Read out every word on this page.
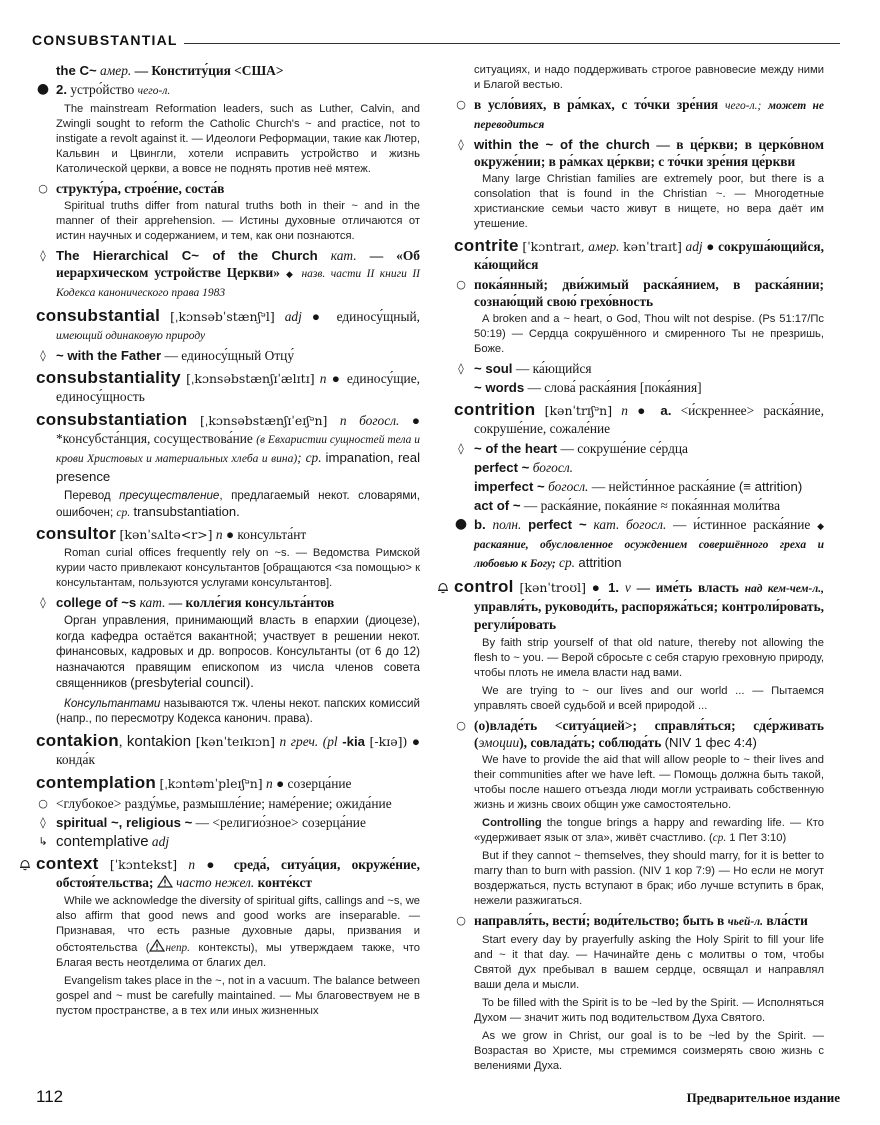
CONSUBSTANTIAL

the C~ амер. — Конститу́ция <США>

● 2. устро́йство чего-л.

The mainstream Reformation leaders, such as Luther, Calvin, and Zwingli sought to reform the Catholic Church's ~ and practice, not to instigate a revolt against it. — Идеологи Реформации, такие как Лютер, Кальвин и Цвингли, хотели исправить устройство и жизнь Католической церкви, а вовсе не поднять против неё мятеж.

○ структу́ра, строе́ние, соста́в

Spiritual truths differ from natural truths both in their ~ and in the manner of their apprehension. — Истины духовные отличаются от истин научных и содержанием, и тем, как они познаются.

◊ The Hierarchical C~ of the Church кат. — «Об иерархическом устройстве Церкви» ◆ назв. части II книги II Кодекса канонического права 1983

consubstantial [ˌkɔnsəbˈstænʃᵊl] adj ● единосу́щный, имеющий одинаковую природу

◊ ~ with the Father — единосу́щный Отцу́

consubstantiality [ˌkɔnsəbstænʃɪˈælɪtɪ] n ● единосу́щие, единосу́щность

consubstantiation [ˌkɔnsəbstænʃɪˈeɪʃᵊn] n богосл. ● *консубста́нция, сосуществова́ние (в Евхаристии сущностей тела и крови Христовых и материальных хлеба и вина); ср. impanation, real presence

Перевод пресуществление, предлагаемый некот. словарями, ошибочен; ср. transubstantiation.

consultor [kənˈsʌltə<r>] n ● консульта́нт

Roman curial offices frequently rely on ~s. — Ведомства Римской курии часто привлекают консультантов [обращаются <за помощью> к консультантам, пользуются услугами консультантов].

◊ college of ~s кат. — колле́гия консульта́нтов

Орган управления, принимающий власть в епархии (диоцезе), когда кафедра остаётся вакантной; участвует в решении некот. финансовых, кадровых и др. вопросов. Консультанты (от 6 до 12) назначаются правящим епископом из числа членов совета священников (presbyterial council).

Консультантами называются тж. члены некот. папских комиссий (напр., по пересмотру Кодекса канонич. права).

contakion, kontakion [kənˈteɪkɪɔn] n греч. (pl -kia [-kɪə]) ● конда́к

contemplation [ˌkɔntəmˈpleɪʃᵊn] n ● созерца́ние

○ <глубокое> разду́мье, размышле́ние; наме́рение; ожида́ние

◊ spiritual ~, religious ~ — <религио́зное> созерца́ние

↳ contemplative adj

context [ˈkɔntekst] n ● среда́, ситуа́ция, окруже́ние, обстоя́тельства; часто нежел. конте́кст

While we acknowledge the diversity of spiritual gifts, callings and ~s, we also affirm that good news and good works are inseparable. — Признавая, что есть разные духовные дары, призвания и обстоятельства ( непр. контексты), мы утверждаем также, что Благая весть неотделима от благих дел.

Evangelism takes place in the ~, not in a vacuum. The balance between gospel and ~ must be carefully maintained. — Мы благовествуем не в пустом пространстве, а в тех или иных жизненных

ситуациях, и надо поддерживать строгое равновесие между ними и Благой вестью.

○ в усло́виях, в ра́мках, с то́чки зре́ния чего-л.; может не переводиться

◊ within the ~ of the church — в це́ркви; в церко́вном окруже́нии; в ра́мках це́ркви; с то́чки зре́ния це́ркви

Many large Christian families are extremely poor, but there is a consolation that is found in the Christian ~. — Многодетные христианские семьи часто живут в нищете, но вера даёт им утешение.

contrite [ˈkɔntraɪt, амер. kənˈtraɪt] adj ● сокруша́ющийся, ка́ющийся

○ пока́янный; дви́жимый раска́янием, в раска́янии; сознаю́щий свою́ грехо́вность

A broken and a ~ heart, o God, Thou wilt not despise. (Ps 51:17/Пс 50:19) — Сердца сокрушённого и смиренного Ты не презришь, Боже.

◊ ~ soul — ка́ющийся

~ words — слова́ раска́яния [пока́яния]

contrition [kənˈtrɪʃᵊn] n ● a. <и́скреннее> раска́яние, сокруше́ние, сожале́ние

◊ ~ of the heart — сокруше́ние се́рдца

perfect ~ богосл.

imperfect ~ богосл. — нейсти́нное раска́яние (≡ attrition)

act of ~ — раска́яние, пока́яние ≈ пока́янная моли́тва

● b. полн. perfect ~ кат. богосл. — и́стинное раска́яние ◆ раскаяние, обусловленное осуждением совершённого греха и любовью к Богу; ср. attrition

control [kənˈtroʊl] ● 1. v — име́ть власть над кем-чем-л., управля́ть, руководи́ть, распоряжа́ться; контроли́ровать, регули́ровать

By faith strip yourself of that old nature, thereby not allowing the flesh to ~ you. — Верой сбросьте с себя старую греховную природу, чтобы плоть не имела власти над вами.

We are trying to ~ our lives and our world ... — Пытаемся управлять своей судьбой и всей природой ...

○ (о)владе́ть <ситуа́цией>; справля́ться; сде́рживать (эмоции), совлада́ть; соблюда́ть (NIV 1 фес 4:4)

We have to provide the aid that will allow people to ~ their lives and their communities after we have left. — Помощь должна быть такой, чтобы после нашего отъезда люди могли устраивать собственную жизнь и жизнь своих общин уже самостоятельно.

Controlling the tongue brings a happy and rewarding life. — Кто «удерживает язык от зла», живёт счастливо. (ср. 1 Пет 3:10)

But if they cannot ~ themselves, they should marry, for it is better to marry than to burn with passion. (NIV 1 кор 7:9) — Но если не могут воздержаться, пусть вступают в брак; ибо лучше вступить в брак, нежели разжигаться.

○ направля́ть, вести́; води́тельство; быть в чьей-л. вла́сти

Start every day by prayerfully asking the Holy Spirit to fill your life and ~ it that day. — Начинайте день с молитвы о том, чтобы Святой дух пребывал в вашем сердце, освящал и направлял ваши дела и мысли.

To be filled with the Spirit is to be ~led by the Spirit. — Исполняться Духом — значит жить под водительством Духа Святого.

As we grow in Christ, our goal is to be ~led by the Spirit. — Возрастая во Христе, мы стремимся соизмерять свою жизнь с велениями Духа.

112	Предварительное издание
